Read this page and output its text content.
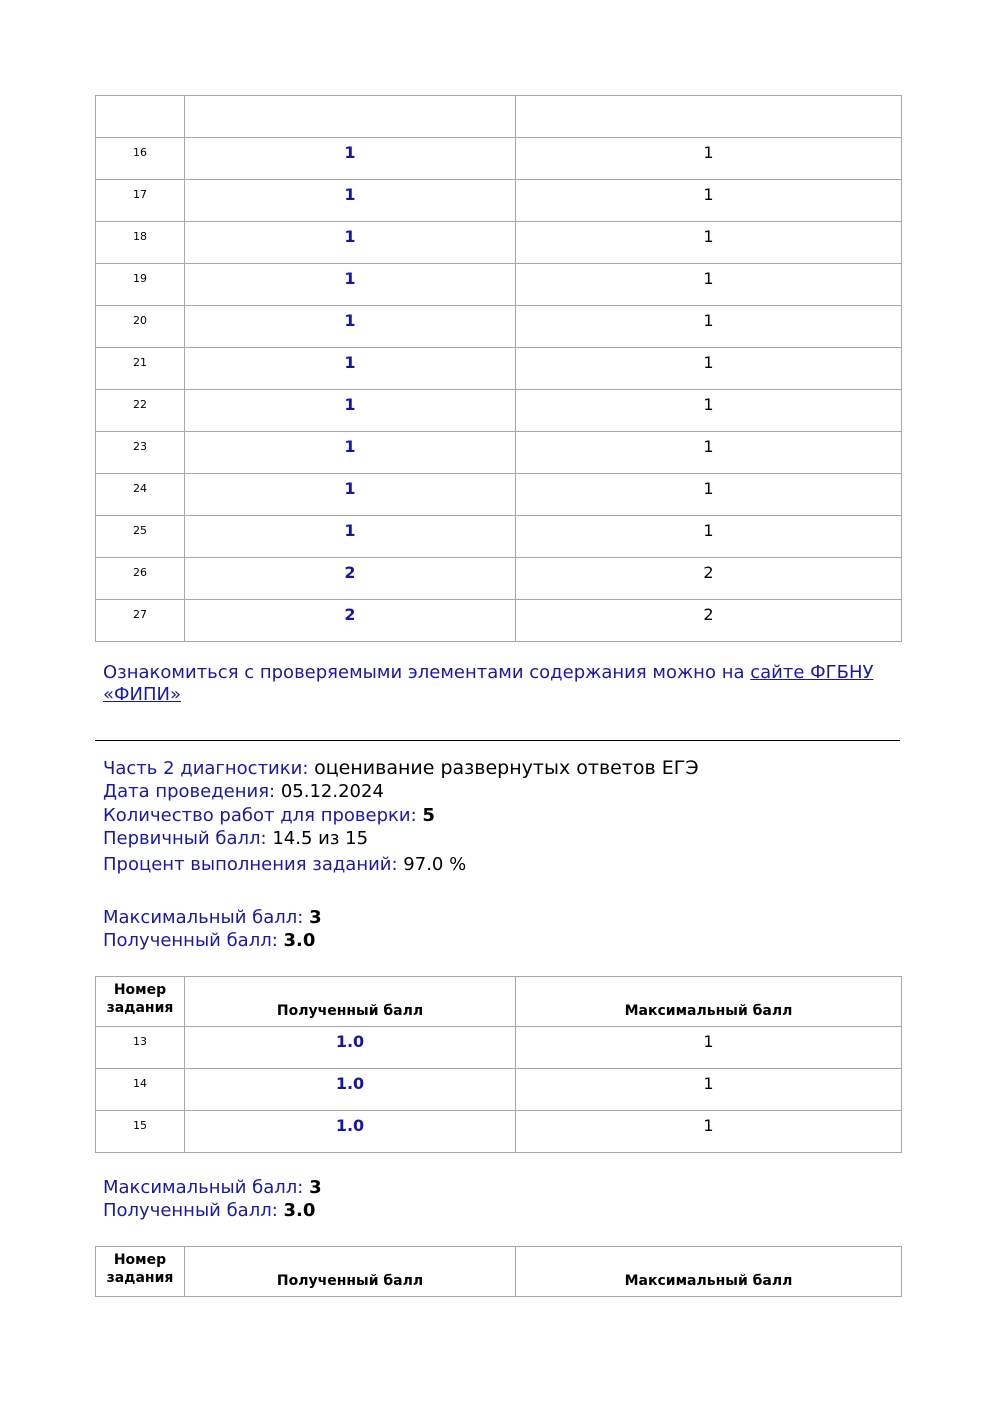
16	1	1
17	1	1
18	1	1
19	1	1
20	1	1
21	1	1
22	1	1
23	1	1
24	1	1
25	1	1
26	2	2
27	2	2
Ознакомиться с проверяемыми элементами содержания можно на сайте ФГБНУ
«ФИПИ»
Часть 2 диагностики: оценивание развернутых ответов ЕГЭ
Дата проведения: 05.12.2024
Количество работ для проверки: 5
Первичный балл: 14.5 из 15
Процент выполнения заданий: 97.0 %
Максимальный балл: 3
Полученный балл: 3.0
Номер
задания	Полученный балл	Максимальный балл
13	1.0	1
14	1.0	1
15	1.0	1
Максимальный балл: 3
Полученный балл: 3.0
Номер
задания	Полученный балл	Максимальный балл
